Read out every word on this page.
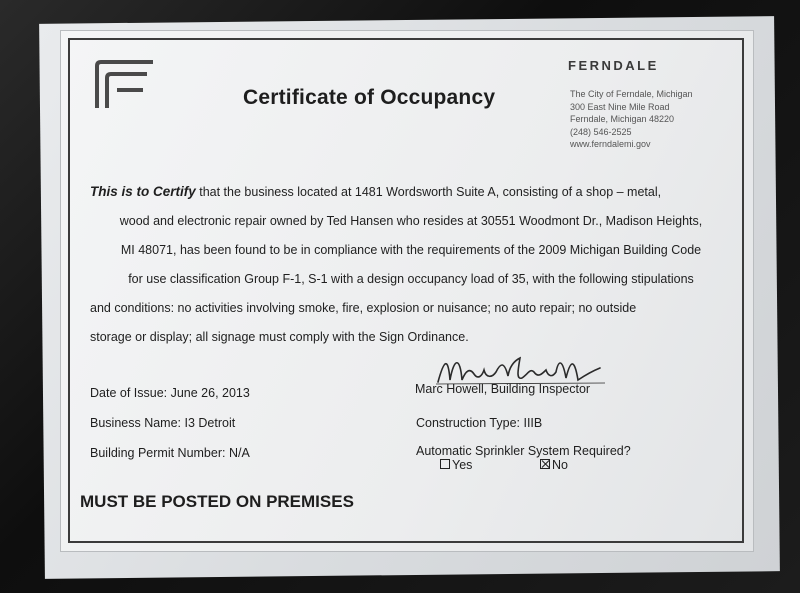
Certificate of Occupancy
FERNDALE
The City of Ferndale, Michigan
300 East Nine Mile Road
Ferndale, Michigan 48220
(248) 546-2525
www.ferndalemi.gov
This is to Certify that the business located at 1481 Wordsworth Suite A, consisting of a shop – metal,
wood and electronic repair owned by Ted Hansen who resides at 30551 Woodmont Dr., Madison Heights,
MI 48071, has been found to be in compliance with the requirements of the 2009 Michigan Building Code
for use classification Group F-1, S-1 with a design occupancy load of 35, with the following stipulations
and conditions: no activities involving smoke, fire, explosion or nuisance; no auto repair; no outside
storage or display; all signage must comply with the Sign Ordinance.
Marc Howell, Building Inspector
Date of Issue: June 26, 2013
Business Name: I3 Detroit
Building Permit Number: N/A
Construction Type: IIIB
Automatic Sprinkler System Required?
Yes	No
MUST BE POSTED ON PREMISES
